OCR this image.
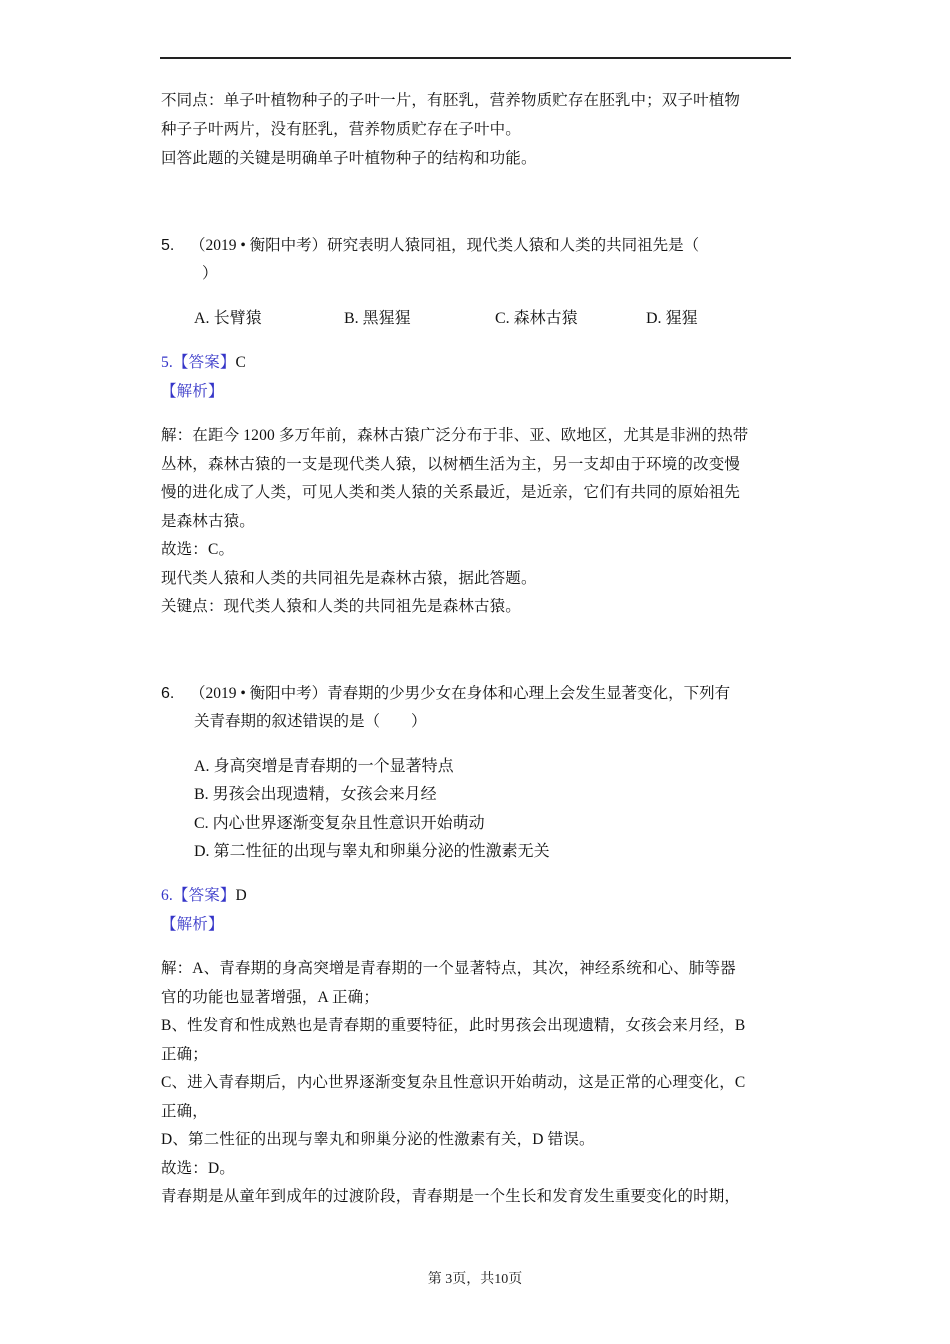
不同点：单子叶植物种子的子叶一片，有胚乳，营养物质贮存在胚乳中；双子叶植物
种子子叶两片，没有胚乳，营养物质贮存在子叶中。
回答此题的关键是明确单子叶植物种子的结构和功能。
5. （2019 • 衡阳中考）研究表明人猿同祖，现代类人猿和人类的共同祖先是（
）
A. 长臂猿	B. 黑猩猩	C. 森林古猿	D. 猩猩
5.【答案】C
【解析】
解：在距今 1200 多万年前，森林古猿广泛分布于非、亚、欧地区，尤其是非洲的热带
丛林，森林古猿的一支是现代类人猿，以树栖生活为主，另一支却由于环境的改变慢
慢的进化成了人类，可见人类和类人猿的关系最近，是近亲，它们有共同的原始祖先
是森林古猿。
故选：C。
现代类人猿和人类的共同祖先是森林古猿，据此答题。
关键点：现代类人猿和人类的共同祖先是森林古猿。
6. （2019 • 衡阳中考）青春期的少男少女在身体和心理上会发生显著变化，下列有
关青春期的叙述错误的是（　　）
A. 身高突增是青春期的一个显著特点
B. 男孩会出现遗精，女孩会来月经
C. 内心世界逐渐变复杂且性意识开始萌动
D. 第二性征的出现与睾丸和卵巢分泌的性激素无关
6.【答案】D
【解析】
解：A、青春期的身高突增是青春期的一个显著特点，其次，神经系统和心、肺等器
官的功能也显著增强，A 正确；
B、性发育和性成熟也是青春期的重要特征，此时男孩会出现遗精，女孩会来月经，B
正确；
C、进入青春期后，内心世界逐渐变复杂且性意识开始萌动，这是正常的心理变化，C
正确，
D、第二性征的出现与睾丸和卵巢分泌的性激素有关，D 错误。
故选：D。
青春期是从童年到成年的过渡阶段，青春期是一个生长和发育发生重要变化的时期，
第 3页，共10页
